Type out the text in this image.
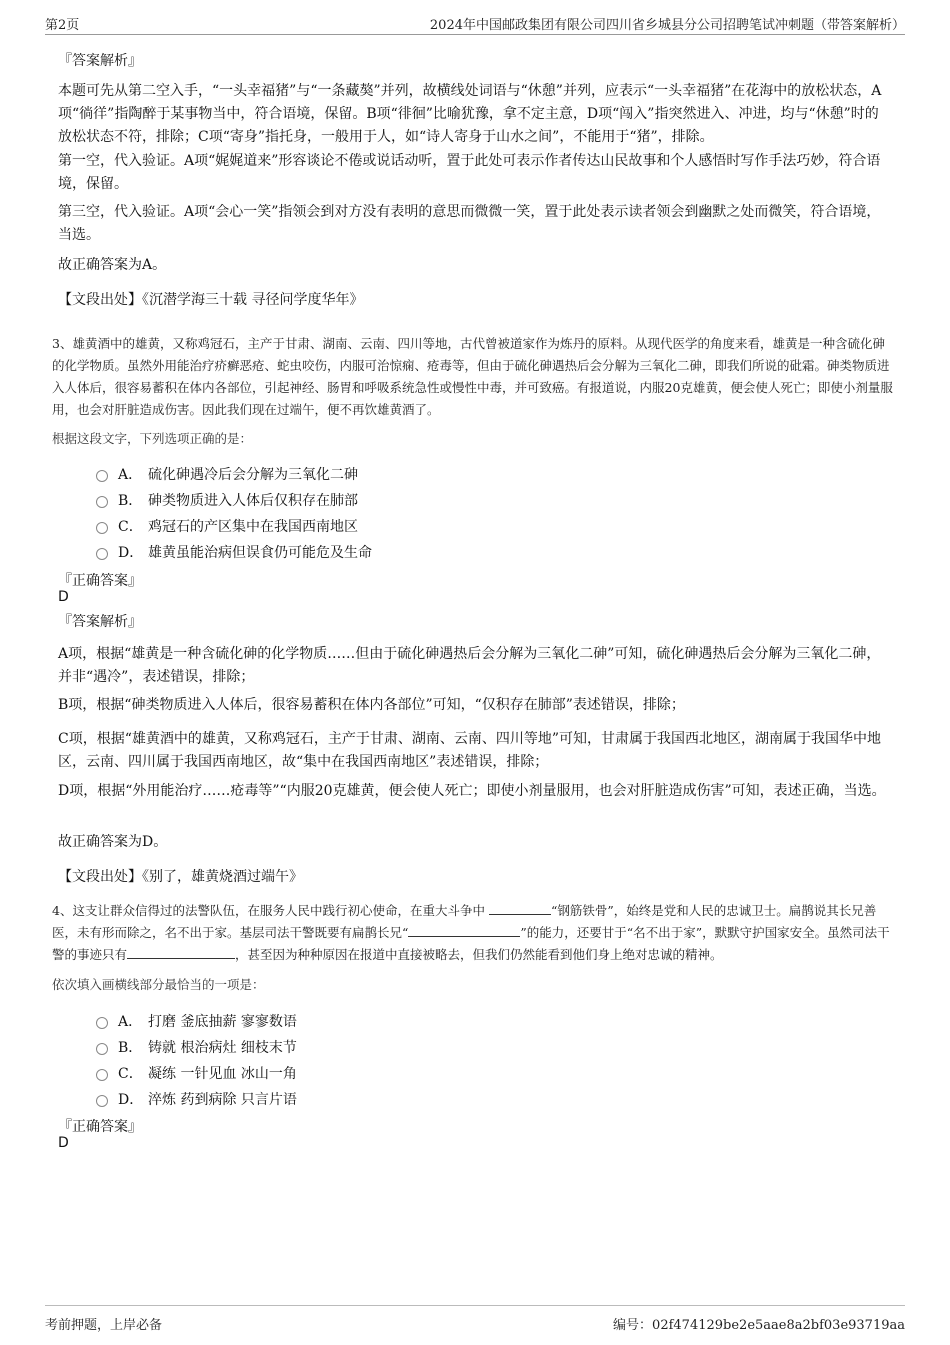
第2页	2024年中国邮政集团有限公司四川省乡城县分公司招聘笔试冲刺题（带答案解析）
『答案解析』
本题可先从第二空入手，“一头幸福猪”与“一条藏獒”并列，故横线处词语与“休憩”并列，应表示“一头幸福猪”在花海中的放松状态，A项“徜徉”指陶醉于某事物当中，符合语境，保留。B项“徘徊”比喻犹豫，拿不定主意，D项“闯入”指突然进入、冲进，均与“休憩”时的放松状态不符，排除；C项“寄身”指托身，一般用于人，如“诗人寄身于山水之间”，不能用于“猪”，排除。
第一空，代入验证。A项“娓娓道来”形容谈论不倦或说话动听，置于此处可表示作者传达山民故事和个人感悟时写作手法巧妙，符合语境，保留。
第三空，代入验证。A项“会心一笑”指领会到对方没有表明的意思而微微一笑，置于此处表示读者领会到幽默之处而微笑，符合语境，当选。
故正确答案为A。
【文段出处】《沉潜学海三十载 寻径问学度华年》
3、雄黄酒中的雄黄，又称鸡冠石，主产于甘肃、湖南、云南、四川等地，古代曾被道家作为炼丹的原料。从现代医学的角度来看，雄黄是一种含硫化砷的化学物质。虽然外用能治疗疥癣恶疮、蛇虫咬伤，内服可治惊痫、疮毒等，但由于硫化砷遇热后会分解为三氧化二砷，即我们所说的砒霜。砷类物质进入人体后，很容易蓄积在体内各部位，引起神经、肠胃和呼吸系统急性或慢性中毒，并可致癌。有报道说，内服20克雄黄，便会使人死亡；即使小剂量服用，也会对肝脏造成伤害。因此我们现在过端午，便不再饮雄黄酒了。
根据这段文字，下列选项正确的是：
A． 硫化砷遇冷后会分解为三氧化二砷
B． 砷类物质进入人体后仅积存在肺部
C． 鸡冠石的产区集中在我国西南地区
D． 雄黄虽能治病但误食仍可能危及生命
『正确答案』
D
『答案解析』
A项，根据“雄黄是一种含硫化砷的化学物质……但由于硫化砷遇热后会分解为三氧化二砷”可知，硫化砷遇热后会分解为三氧化二砷，并非“遇冷”，表述错误，排除；
B项，根据“砷类物质进入人体后，很容易蓄积在体内各部位”可知，“仅积存在肺部”表述错误，排除；
C项，根据“雄黄酒中的雄黄，又称鸡冠石，主产于甘肃、湖南、云南、四川等地”可知，甘肃属于我国西北地区，湖南属于我国华中地区，云南、四川属于我国西南地区，故“集中在我国西南地区”表述错误，排除；
D项，根据“外用能治疗……疮毒等”“内服20克雄黄，便会使人死亡；即使小剂量服用，也会对肝脏造成伤害”可知，表述正确，当选。
故正确答案为D。
【文段出处】《别了，雄黄烧酒过端午》
4、这支让群众信得过的法警队伍，在服务人民中践行初心使命，在重大斗争中	“钢筋铁骨”，始终是党和人民的忠诚卫士。扁鹊说其长兄善医，未有形而除之，名不出于家。基层司法干警既要有扁鹊长兄“	”的能力，还要甘于“名不出于家”，默默守护国家安全。虽然司法干警的事迹只有	，甚至因为种种原因在报道中直接被略去，但我们仍然能看到他们身上绝对忠诚的精神。
依次填入画横线部分最恰当的一项是：
A． 打磨 釜底抽薪 寥寥数语
B． 铸就 根治病灶 细枝末节
C． 凝练 一针见血 冰山一角
D． 淬炼 药到病除 只言片语
『正确答案』
D
考前押题，上岸必备	编号：02f474129be2e5aae8a2bf03e93719aa
